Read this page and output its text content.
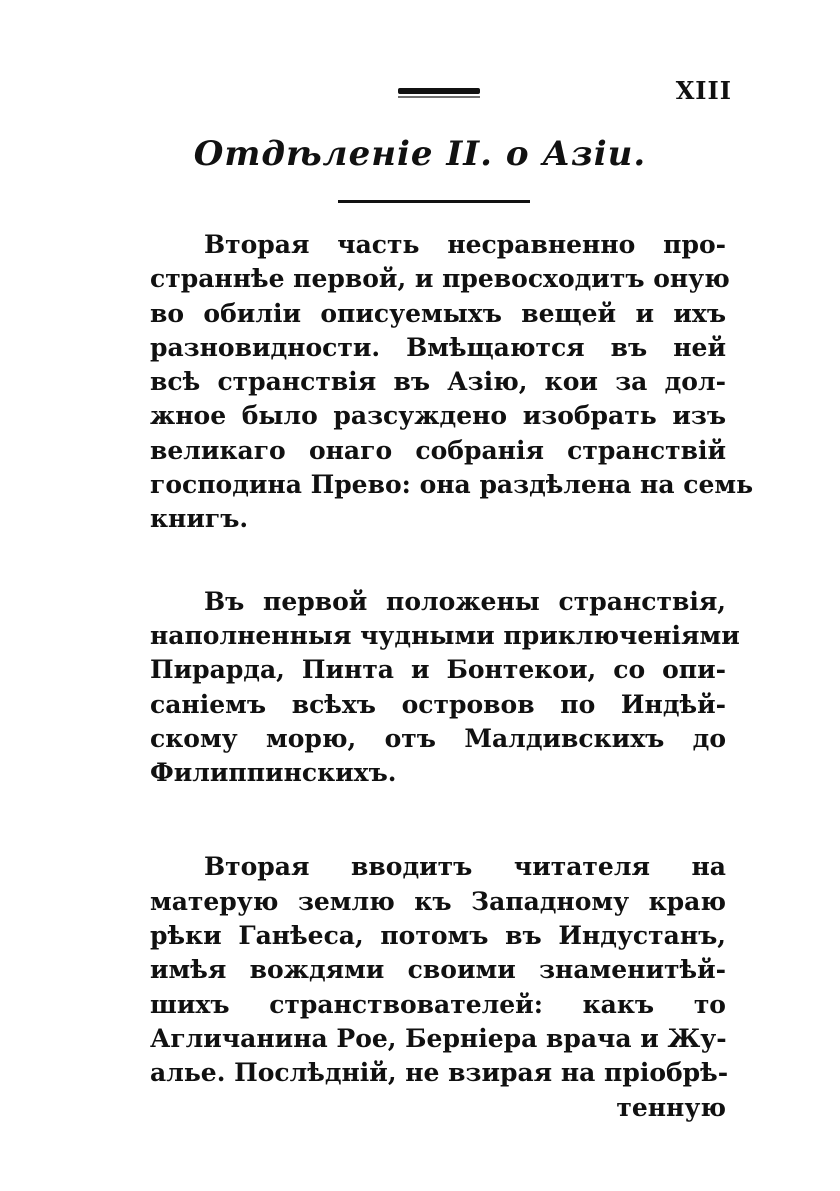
XIII
Отдѣленіе II. о Азіи.
Вторая часть несравненно про-
страннѣе первой, и превосходитъ оную
во обиліи описуемыхъ вещей и ихъ
разновидности. Вмѣщаются въ ней
всѣ странствія въ Азію, кои за дол-
жное было разсуждено изобрать изъ
великаго онаго собранія странствій
господина Прево: она раздѣлена на семь
книгъ.
Въ первой положены странствія,
наполненныя чудными приключеніями
Пирарда, Пинта и Бонтекои, со опи-
саніемъ всѣхъ островов по Индѣй-
скому морю, отъ Малдивскихъ до
Филиппинскихъ.
Вторая вводитъ читателя на
матерую землю къ Западному краю
рѣки Ганѣеса, потомъ въ Индустанъ,
имѣя вождями своими знаменитѣй-
шихъ странствователей: какъ то
Агличанина Рое, Берніера врача и Жу-
алье. Послѣдній, не взирая на пріобрѣ-
тенную
